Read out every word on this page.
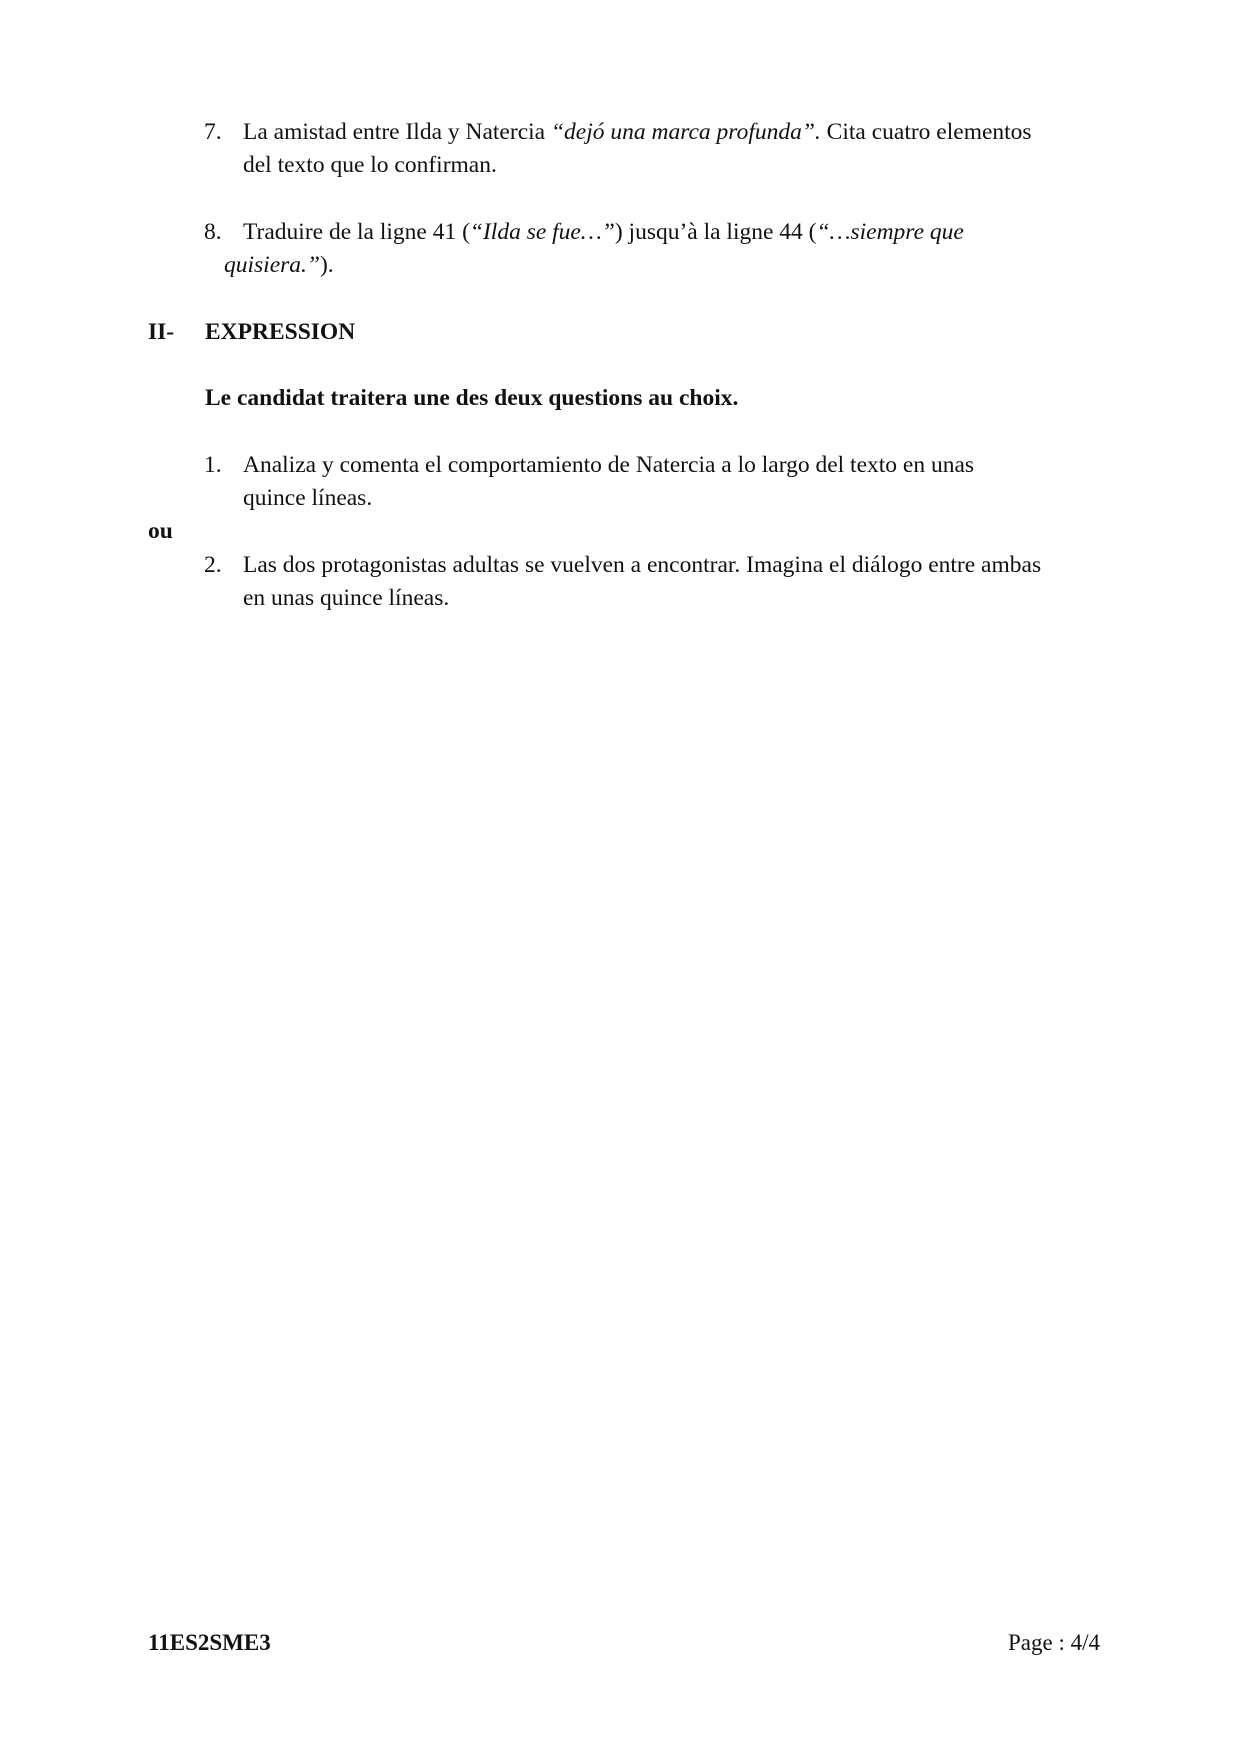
7. La amistad entre Ilda y Natercia “dejó una marca profunda”. Cita cuatro elementos
del texto que lo confirman.
8. Traduire de la ligne 41 (“Ilda se fue…”) jusqu’à la ligne 44 (“…siempre que
quisiera.”).
II- EXPRESSION
Le candidat traitera une des deux questions au choix.
1. Analiza y comenta el comportamiento de Natercia a lo largo del texto en unas
quince líneas.
ou
2. Las dos protagonistas adultas se vuelven a encontrar. Imagina el diálogo entre ambas
en unas quince líneas.
11ES2SME3	Page : 4/4
